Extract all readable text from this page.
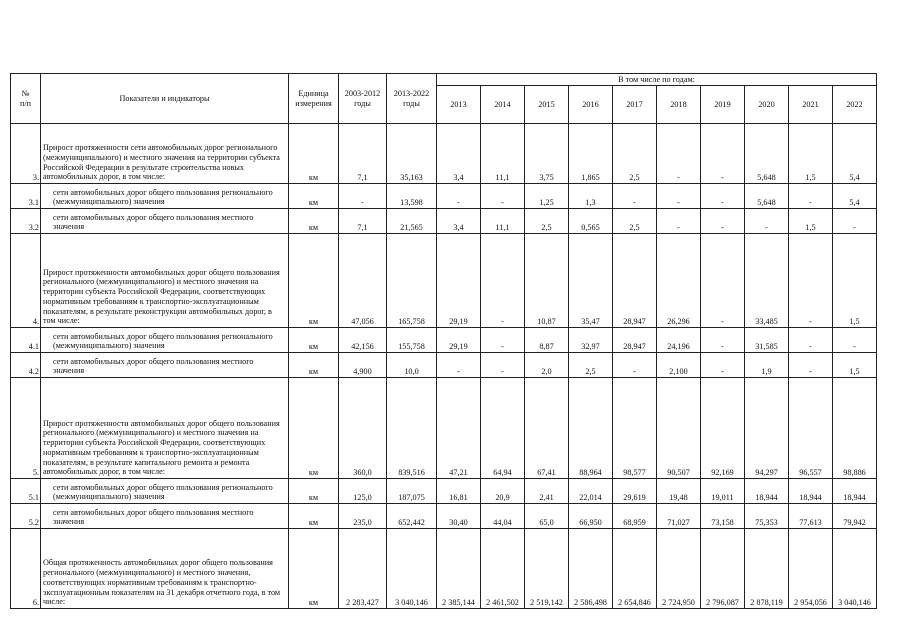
№
п/п	Показатели и индикаторы	Единица измерения	2003-2012 годы	2013-2022 годы	В том числе по годам:									
					2013	2014	2015	2016	2017	2018	2019	2020	2021	2022
3.	Прирост протяженности сети автомобильных дорог регионального (межмуниципального) и местного значения на территории субъекта Российской Федерации в результате строительства новых автомобильных дорог, в том числе:	км	7,1	35,163	3,4	11,1	3,75	1,865	2,5	-	-	5,648	1,5	5,4
3.1	сети автомобильных дорог общего пользования регионального (межмуниципального) значения	км	-	13,598	-	-	1,25	1,3	-	-	-	5,648	-	5,4
3.2	сети автомобильных дорог общего пользования местного значения	км	7,1	21,565	3,4	11,1	2,5	0,565	2,5	-	-	-	1,5	-
4.	Прирост протяженности автомобильных дорог общего пользования регионального (межмуниципального) и местного значения на территории субъекта Российской Федерации, соответствующих нормативным требованиям к транспортно-эксплуатационным показателям, в результате реконструкции автомобильных дорог, в том числе:	км	47,056	165,758	29,19	-	10,87	35,47	28,947	26,296	-	33,485	-	1,5
4.1	сети автомобильных дорог общего пользования регионального (межмуниципального) значения	км	42,156	155,758	29,19	-	8,87	32,97	28,947	24,196	-	31,585	-	-
4.2	сети автомобильных дорог общего пользования местного значения	км	4,900	10,0	-	-	2,0	2,5	-	2,100	-	1,9	-	1,5
5.	Прирост протяженности автомобильных дорог общего пользования регионального (межмуниципального) и местного значения на территории субъекта Российской Федерации, соответствующих нормативным требованиям к транспортно-эксплуатационным показателям, в результате капитального ремонта и ремонта автомобильных дорог, в том числе:	км	360,0	839,516	47,21	64,94	67,41	88,964	98,577	90,507	92,169	94,297	96,557	98,886
5.1	сети автомобильных дорог общего пользования регионального (межмуниципального) значения	км	125,0	187,075	16,81	20,9	2,41	22,014	29,619	19,48	19,011	18,944	18,944	18,944
5.2	сети автомобильных дорог общего пользования местного значения	км	235,0	652,442	30,40	44,04	65,0	66,950	68,959	71,027	73,158	75,353	77,613	79,942
6.	Общая протяженность автомобильных дорог общего пользования регионального (межмуниципального) и местного значения, соответствующих нормативным требованиям к транспортно-эксплуатационным показателям на 31 декабря отчетного года, в том числе:	км	2 283,427	3 040,146	2 385,144	2 461,502	2 519,142	2 586,498	2 654,846	2 724,950	2 796,087	2 878,119	2 954,056	3 040,146
